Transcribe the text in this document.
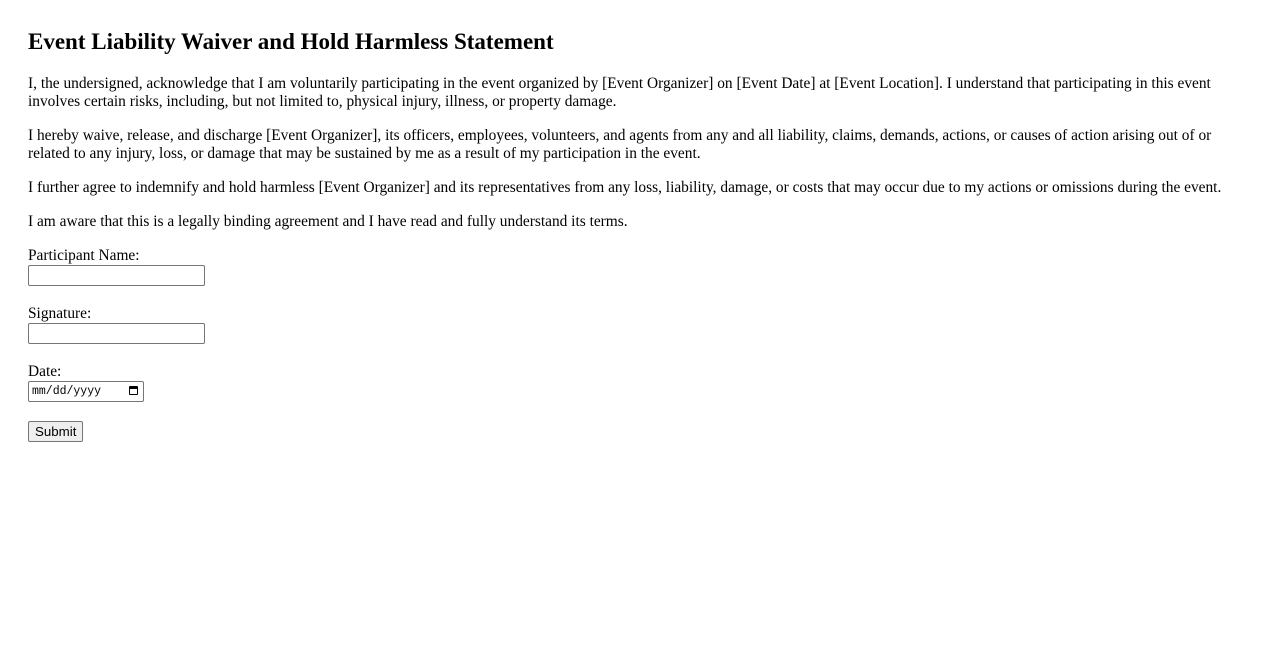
Event Liability Waiver and Hold Harmless Statement

I, the undersigned, acknowledge that I am voluntarily participating in the event organized by [Event Organizer] on [Event Date] at [Event Location]. I understand that participating in this event involves certain risks, including, but not limited to, physical injury, illness, or property damage.

I hereby waive, release, and discharge [Event Organizer], its officers, employees, volunteers, and agents from any and all liability, claims, demands, actions, or causes of action arising out of or related to any injury, loss, or damage that may be sustained by me as a result of my participation in the event.

I further agree to indemnify and hold harmless [Event Organizer] and its representatives from any loss, liability, damage, or costs that may occur due to my actions or omissions during the event.

I am aware that this is a legally binding agreement and I have read and fully understand its terms.

Participant Name:
Signature:
Date:
mm/dd/yyyy
Submit
